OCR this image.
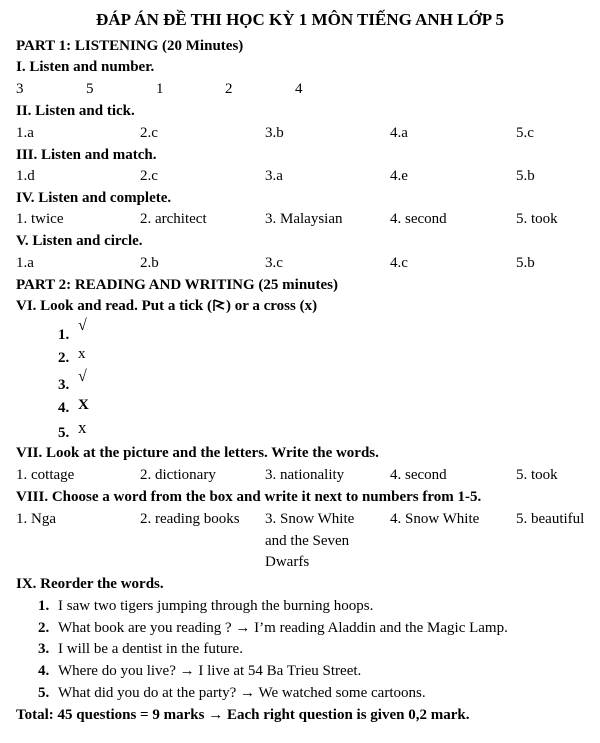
ĐÁP ÁN ĐỀ THI HỌC KỲ 1 MÔN TIẾNG ANH LỚP 5
PART 1: LISTENING (20 Minutes)
I. Listen and number.
3	5	1	2	4
II. Listen and tick.
1.a	2.c	3.b	4.a	5.c
III. Listen and match.
1.d	2.c	3.a	4.e	5.b
IV. Listen and complete.
1. twice	2. architect	3. Malaysian	4. second	5. took
V. Listen and circle.
1.a	2.b	3.c	4.c	5.b
PART 2: READING AND WRITING (25 minutes)
VI. Look and read. Put a tick ( ) or a cross (x)
1.
√
2. x
3. √
4. X
5. x
VII. Look at the picture and the letters. Write the words.
1. cottage	2. dictionary	3. nationality	4. second	5. took
VIII. Choose a word from the box and write it next to numbers from 1-5.
1. Nga	2. reading books 3. Snow White
and the Seven
Dwarfs
4. Snow White 5. beautiful
IX. Reorder the words.
1. I saw two tigers jumping through the burning hoops.
2. What book are you reading ? → I’m reading Aladdin and the Magic Lamp.
3. I will be a dentist in the future.
4. Where do you live? → I live at 54 Ba Trieu Street.
5. What did you do at the party? → We watched some cartoons.
Total: 45 questions = 9 marks → Each right question is given 0,2 mark.
